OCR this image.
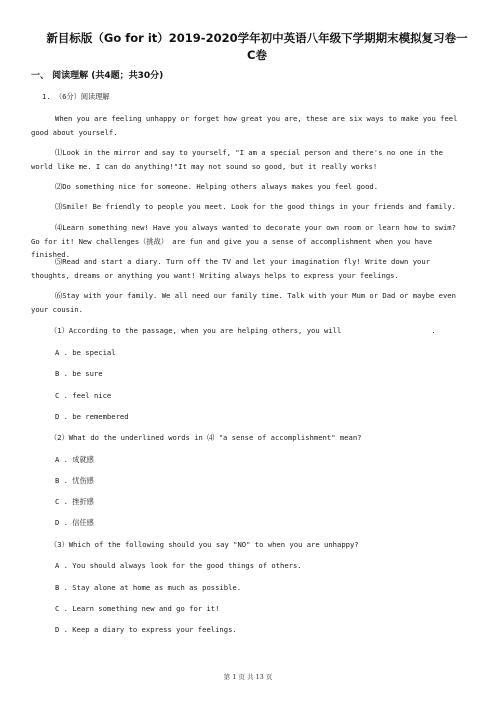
新目标版（Go for it）2019-2020学年初中英语八年级下学期期末模拟复习卷一
C卷
一、 阅读理解 (共4题；共30分)
1. （6分）阅读理解

When you are feeling unhappy or forget how great you are, these are six ways to make you feel good about yourself.

⑴Look in the mirror and say to yourself, "I am a special person and there's no one in the world like me. I can do anything!"It may not sound so good, but it really works!

⑵Do something nice for someone. Helping others always makes you feel good.

⑶Smile! Be friendly to people you meet. Look for the good things in your friends and family.

⑷Learn something new! Have you always wanted to decorate your own room or learn how to swim? Go for it! New challenges（挑战） are fun and give you a sense of accomplishment when you have finished.

⑸Read and start a diary. Turn off the TV and let your imagination fly! Write down your thoughts, dreams or anything you want! Writing always helps to express your feelings.

⑹Stay with your family. We all need our family time. Talk with your Mum or Dad or maybe even your cousin.

（1）According to the passage, when you are helping others, you will	.
A . be special
B . be sure
C . feel nice
D . be remembered
（2）What do the underlined words in ⑷ "a sense of accomplishment" mean?
A . 成就感
B . 忧伤感
C . 挫折感
D . 信任感
（3）Which of the following should you say "NO" to when you are unhappy?
A . You should always look for the good things of others.
B . Stay alone at home as much as possible.
C . Learn something new and go for it!
D . Keep a diary to express your feelings.
第 1 页 共 13 页
